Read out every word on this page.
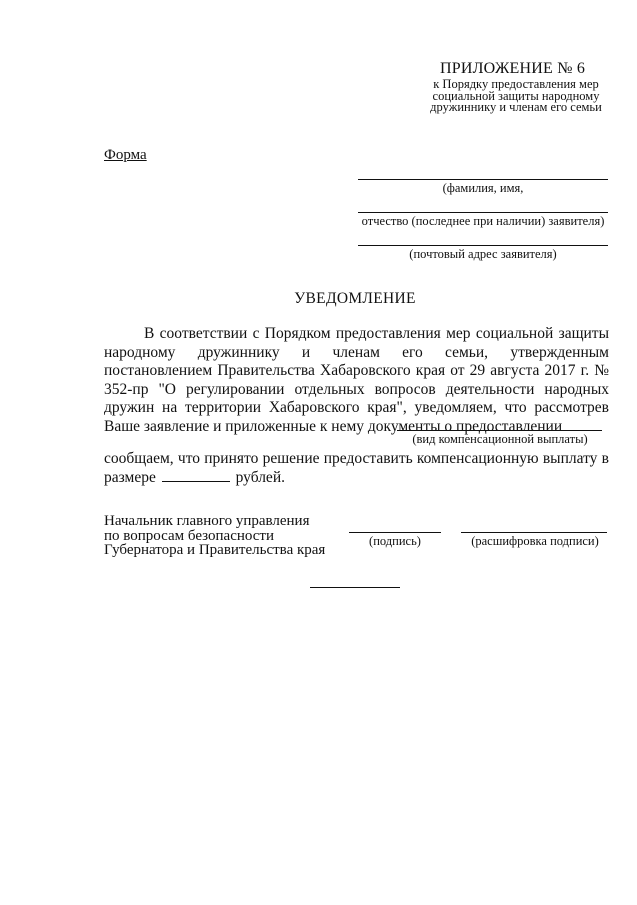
ПРИЛОЖЕНИЕ № 6
к Порядку предоставления мер
социальной защиты народному
дружиннику и членам его семьи
Форма
(фамилия, имя,
отчество (последнее при наличии) заявителя)
(почтовый адрес заявителя)
УВЕДОМЛЕНИЕ
В соответствии с Порядком предоставления мер социальной защиты народному дружиннику и членам его семьи, утвержденным постановлением Правительства Хабаровского края от 29 августа 2017 г. № 352-пр "О регулировании отдельных вопросов деятельности народных дружин на территории Хабаровского края", уведомляем, что рассмотрев Ваше заявление и приложенные к нему документы о предоставлении
(вид компенсационной выплаты)
сообщаем, что принято решение предоставить компенсационную выплату в размере	рублей.
Начальник главного управления
по вопросам безопасности
Губернатора и Правительства края
(подпись)	(расшифровка подписи)
